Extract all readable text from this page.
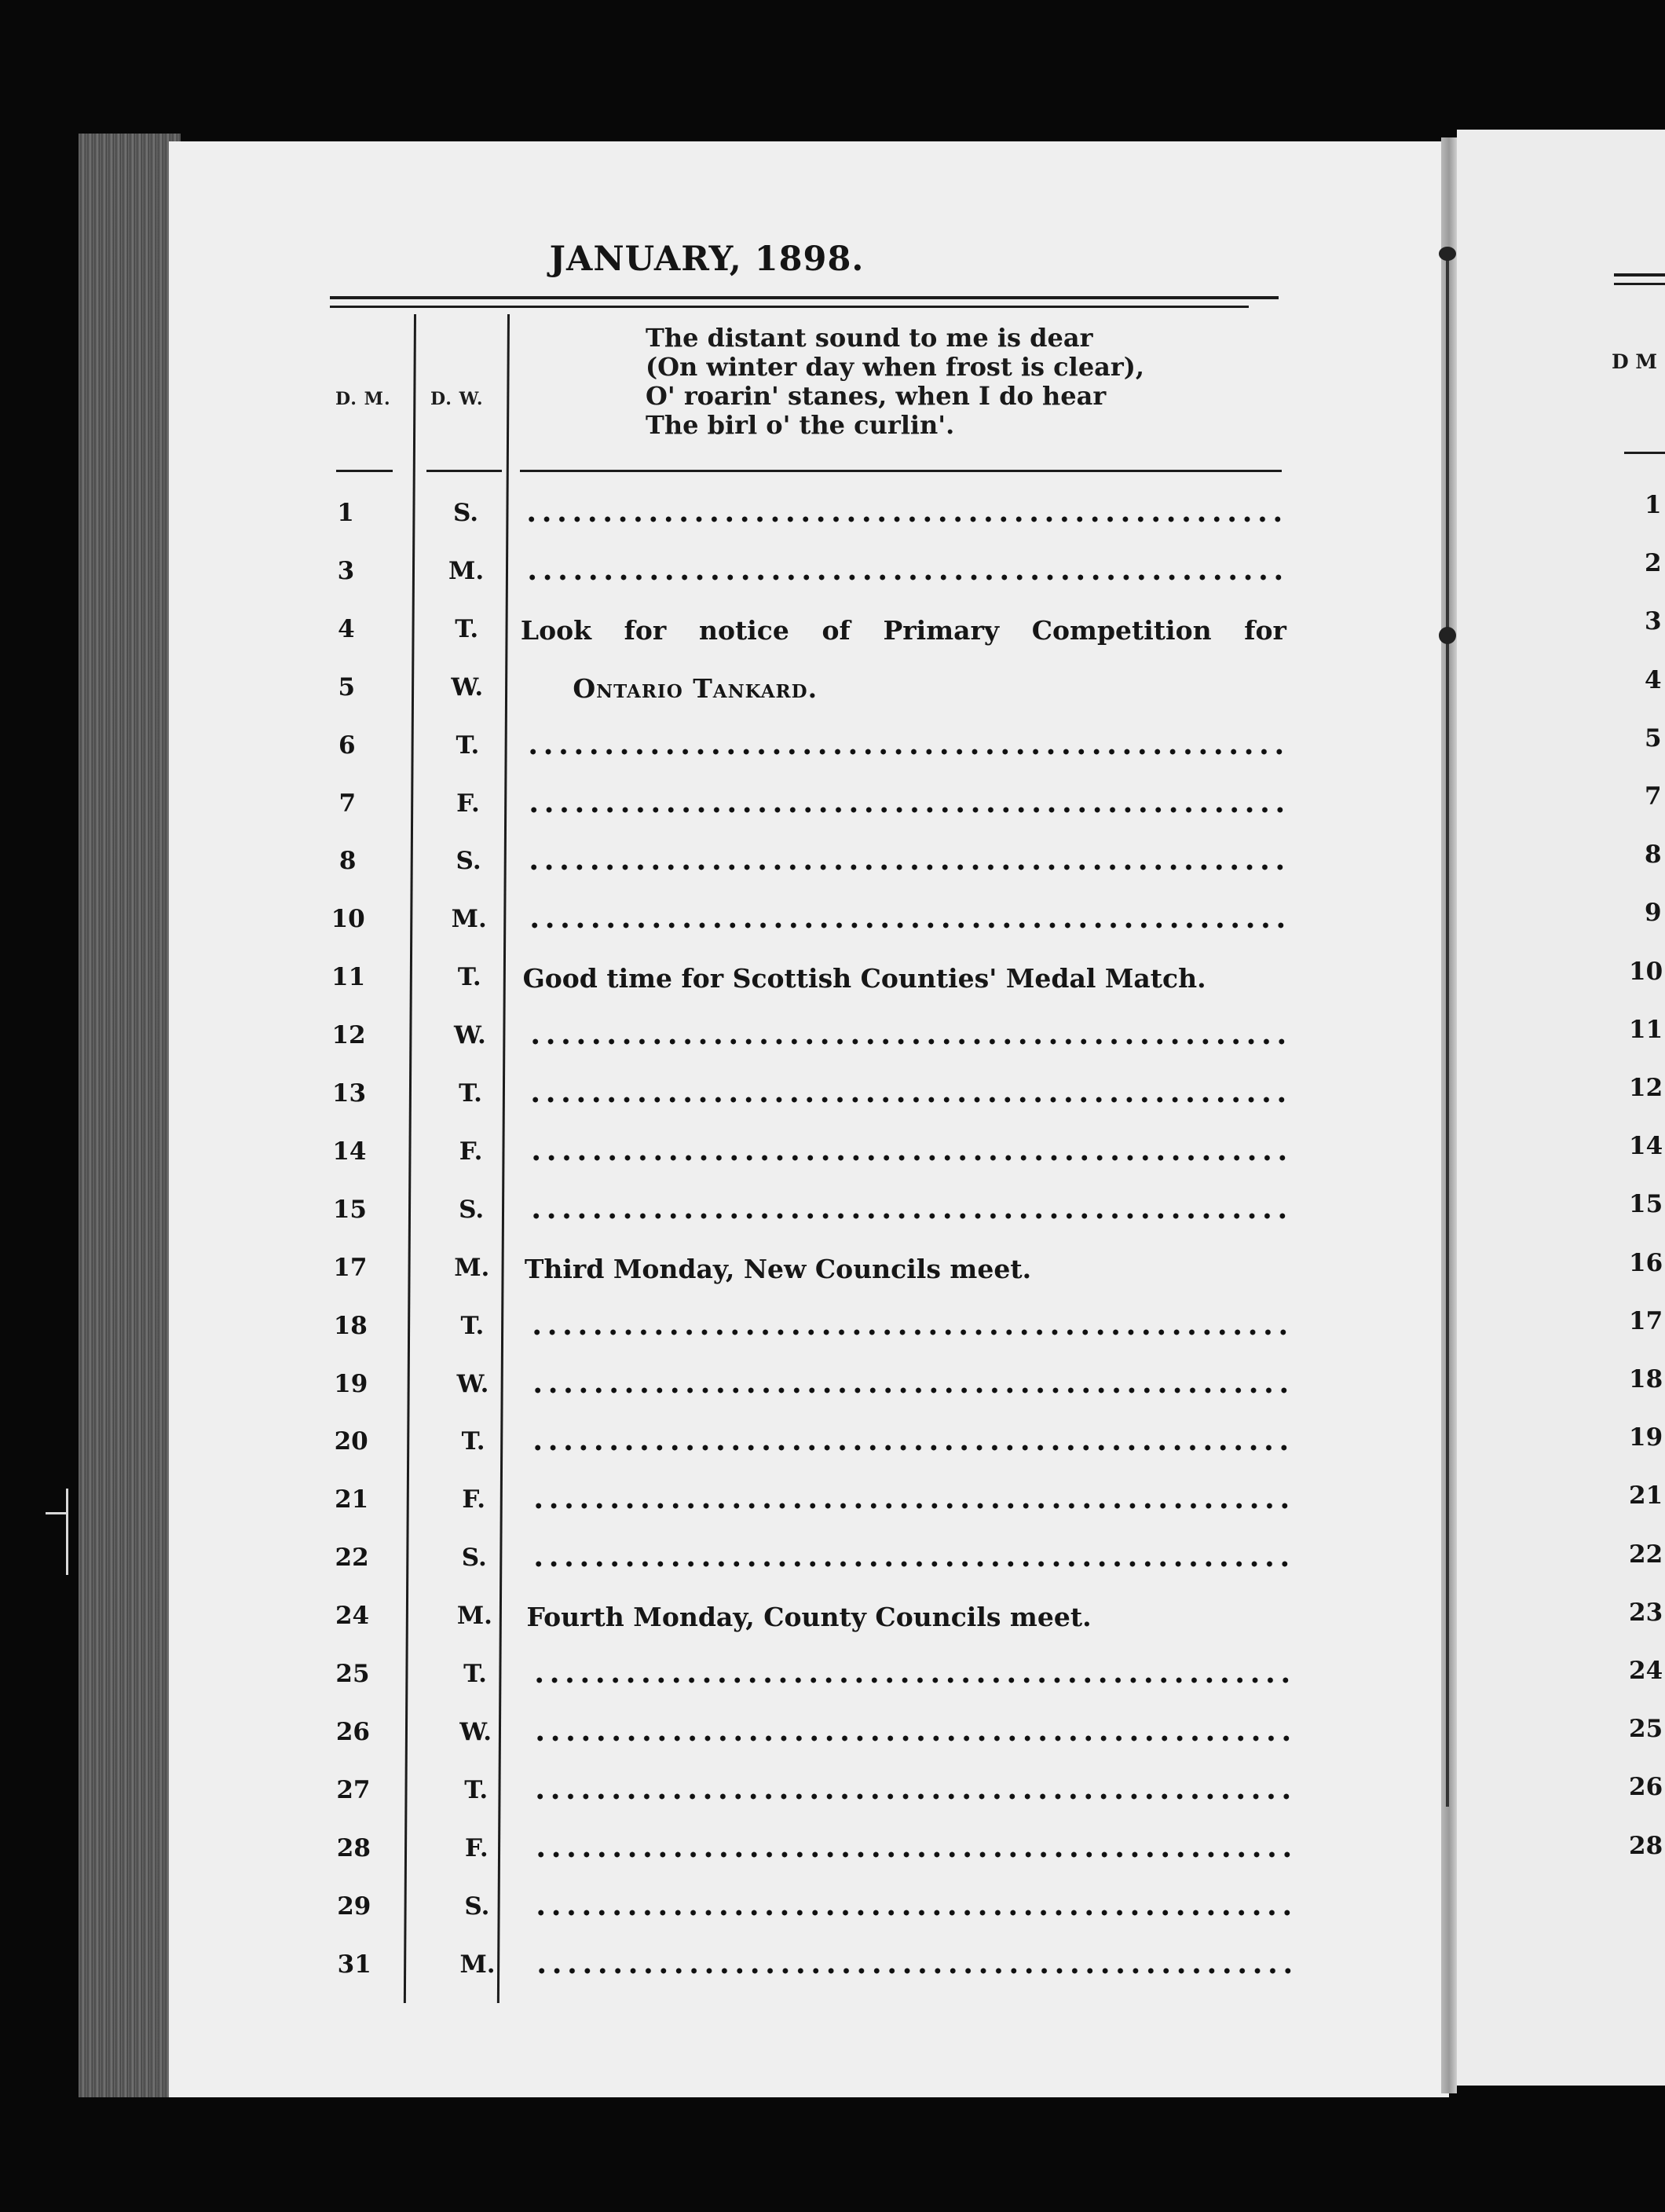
JANUARY, 1898.
D. M. D. W.
The distant sound to me is dear
(On winter day when frost is clear),
O' roarin' stanes, when I do hear
The birl o' the curlin'.
1	S.
3	M.
4	T.	Look for notice of Primary Competition for
5	W.	Ontario Tankard.
6	T.
7	F.
8	S.
10	M.
11	T.	Good time for Scottish Counties' Medal Match.
12	W.
13	T.
14	F.
15	S.
17	M.	Third Monday, New Councils meet.
18	T.
19	W.
20	T.
21	F.
22	S.
24	M.	Fourth Monday, County Councils meet.
25	T.
26	W.
27	T.
28	F.
29	S.
31	M.
D M
1
2
3
4
5
7
8
9
10
11
12
14
15
16
17
18
19
21
22
23
24
25
26
28
